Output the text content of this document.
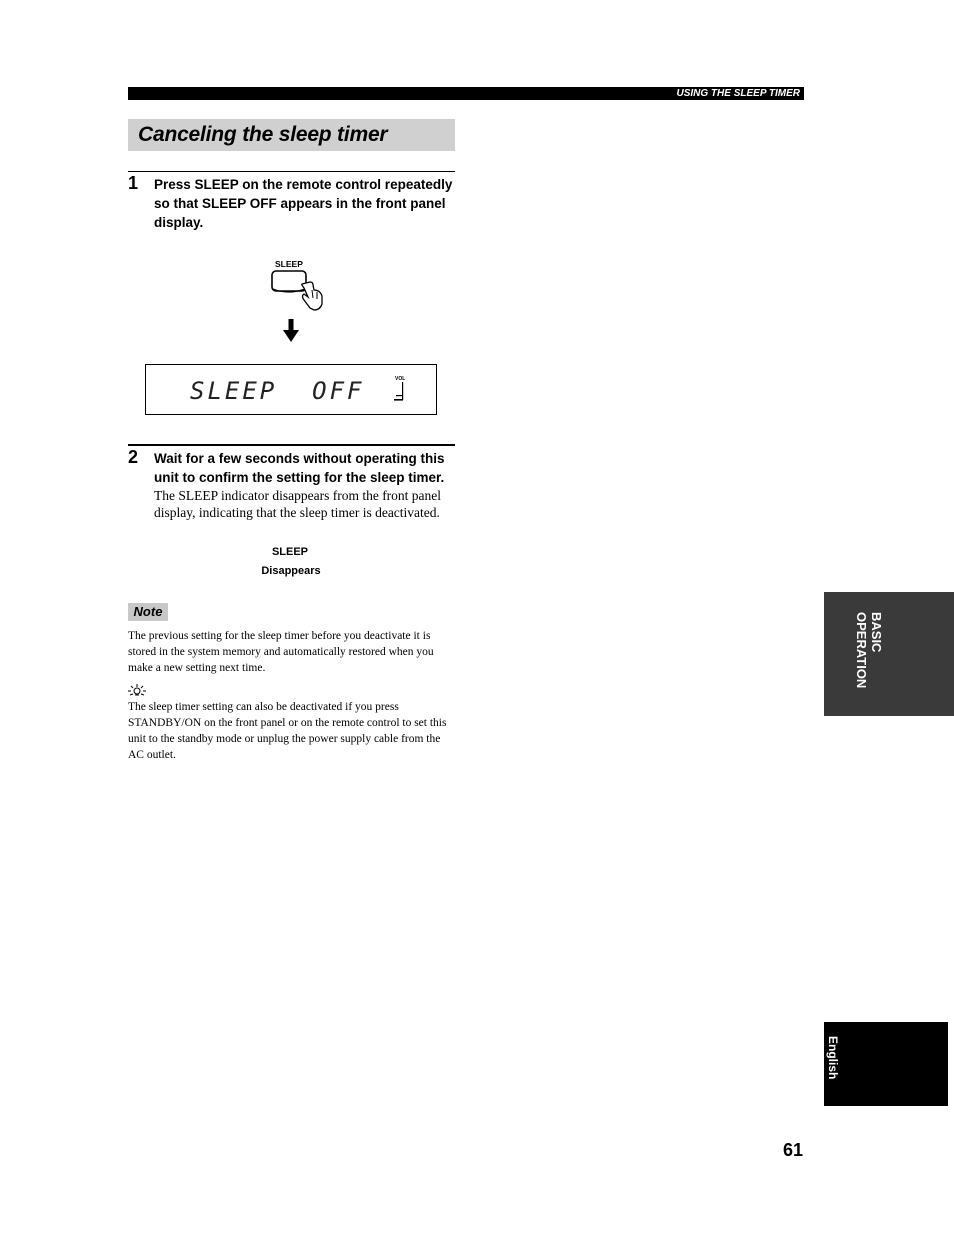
USING THE SLEEP TIMER
Canceling the sleep timer
1 Press SLEEP on the remote control repeatedly so that SLEEP OFF appears in the front panel display.
SLEEP
SLEEP  OFF	VOL
2 Wait for a few seconds without operating this unit to confirm the setting for the sleep timer.
The SLEEP indicator disappears from the front panel display, indicating that the sleep timer is deactivated.
SLEEP
Disappears
Note
The previous setting for the sleep timer before you deactivate it is stored in the system memory and automatically restored when you make a new setting next time.
The sleep timer setting can also be deactivated if you press STANDBY/ON on the front panel or on the remote control to set this unit to the standby mode or unplug the power supply cable from the AC outlet.
BASIC
OPERATION
English
61
